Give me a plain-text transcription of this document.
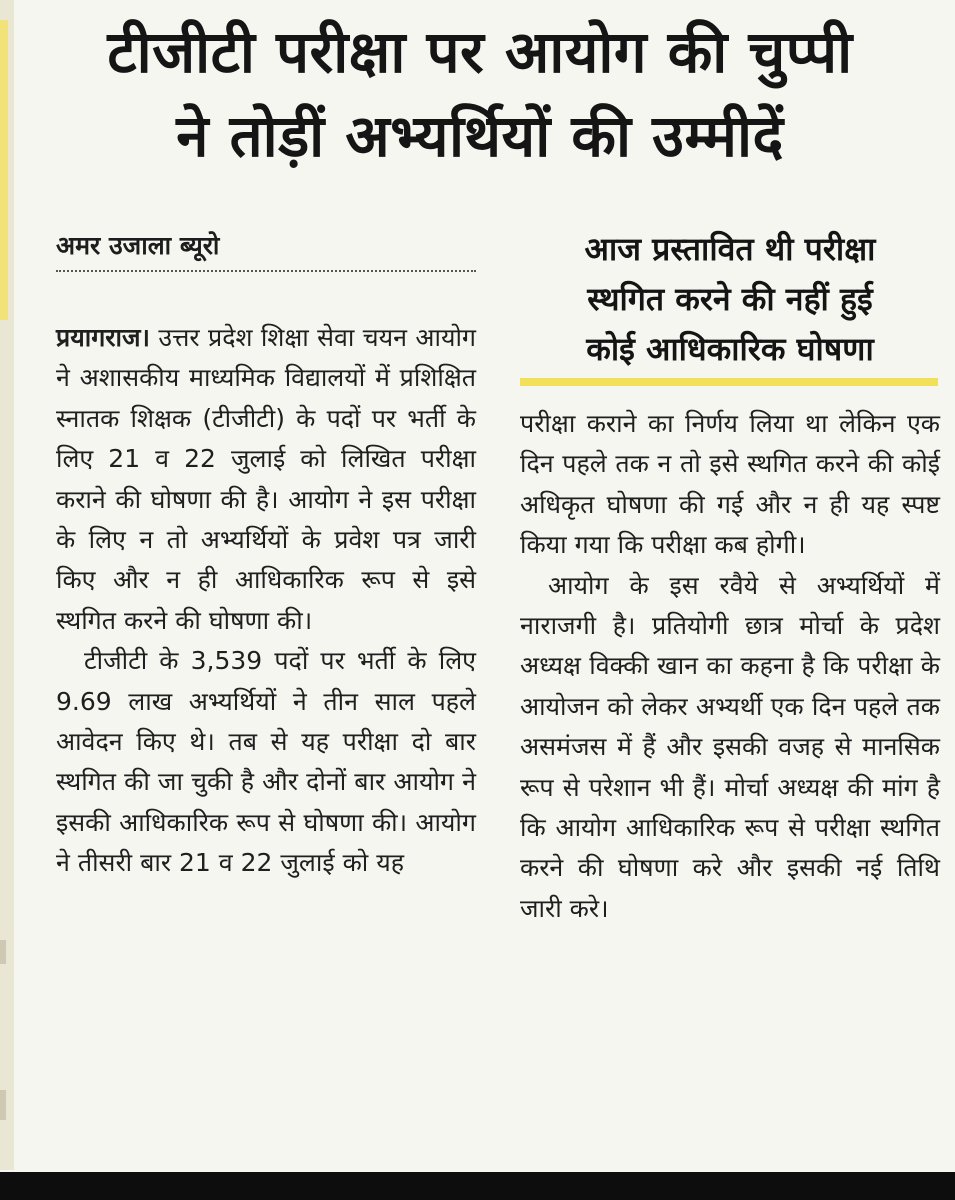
टीजीटी परीक्षा पर आयोग की चुप्पी
ने तोड़ीं अभ्यर्थियों की उम्मीदें
अमर उजाला ब्यूरो	आज प्रस्तावित थी परीक्षा
स्थगित करने की नहीं हुई
कोई आधिकारिक घोषणा

प्रयागराज। उत्तर प्रदेश शिक्षा सेवा चयन आयोग ने अशासकीय माध्यमिक विद्यालयों में प्रशिक्षित स्नातक शिक्षक (टीजीटी) के पदों पर भर्ती के लिए 21 व 22 जुलाई को लिखित परीक्षा कराने की घोषणा की है। आयोग ने इस परीक्षा के लिए न तो अभ्यर्थियों के प्रवेश पत्र जारी किए और न ही आधिकारिक रूप से इसे स्थगित करने की घोषणा की।

टीजीटी के 3,539 पदों पर भर्ती के लिए 9.69 लाख अभ्यर्थियों ने तीन साल पहले आवेदन किए थे। तब से यह परीक्षा दो बार स्थगित की जा चुकी है और दोनों बार आयोग ने इसकी आधिकारिक रूप से घोषणा की। आयोग ने तीसरी बार 21 व 22 जुलाई को यह

परीक्षा कराने का निर्णय लिया था लेकिन एक दिन पहले तक न तो इसे स्थगित करने की कोई अधिकृत घोषणा की गई और न ही यह स्पष्ट किया गया कि परीक्षा कब होगी।

आयोग के इस रवैये से अभ्यर्थियों में नाराजगी है। प्रतियोगी छात्र मोर्चा के प्रदेश अध्यक्ष विक्की खान का कहना है कि परीक्षा के आयोजन को लेकर अभ्यर्थी एक दिन पहले तक असमंजस में हैं और इसकी वजह से मानसिक रूप से परेशान भी हैं। मोर्चा अध्यक्ष की मांग है कि आयोग आधिकारिक रूप से परीक्षा स्थगित करने की घोषणा करे और इसकी नई तिथि जारी करे।
